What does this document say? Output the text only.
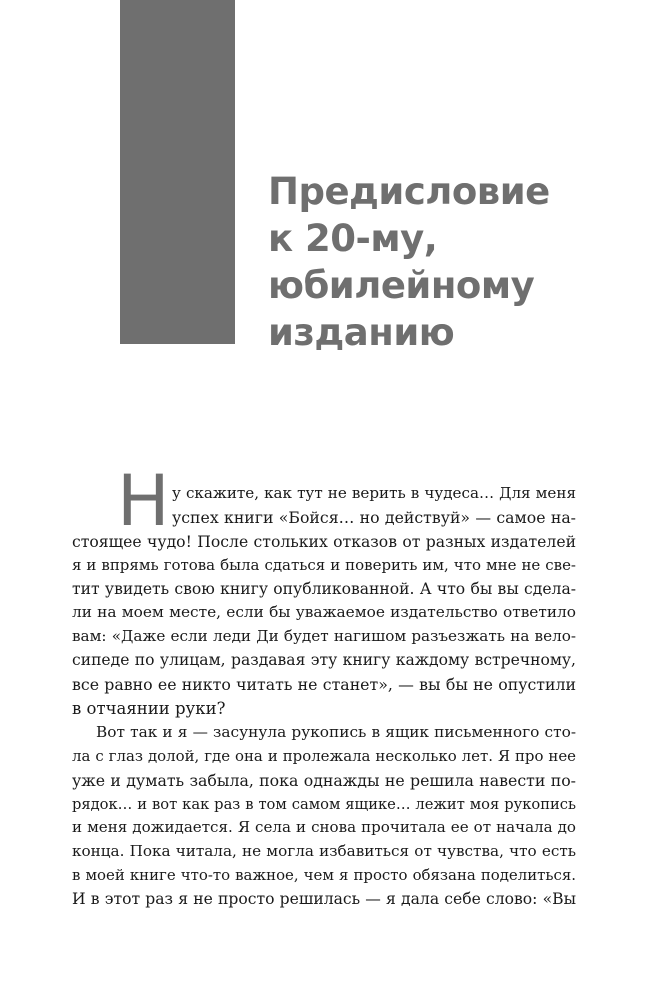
Предисловие
к 20-му,
юбилейному
изданию
Н у скажите, как тут не верить в чудеса… Для меня
успех книги «Бойся… но действуй» — самое на-
стоящее чудо! После стольких отказов от разных издателей
я и впрямь готова была сдаться и поверить им, что мне не све-
тит увидеть свою книгу опубликованной. А что бы вы сдела-
ли на моем месте, если бы уважаемое издательство ответило
вам: «Даже если леди Ди будет нагишом разъезжать на вело-
сипеде по улицам, раздавая эту книгу каждому встречному,
все равно ее никто читать не станет», — вы бы не опустили
в отчаянии руки?
Вот так и я — засунула рукопись в ящик письменного сто-
ла с глаз долой, где она и пролежала несколько лет. Я про нее
уже и думать забыла, пока однажды не решила навести по-
рядок… и вот как раз в том самом ящике… лежит моя рукопись
и меня дожидается. Я села и снова прочитала ее от начала до
конца. Пока читала, не могла избавиться от чувства, что есть
в моей книге что-то важное, чем я просто обязана поделиться.
И в этот раз я не просто решилась — я дала себе слово: «Вы
